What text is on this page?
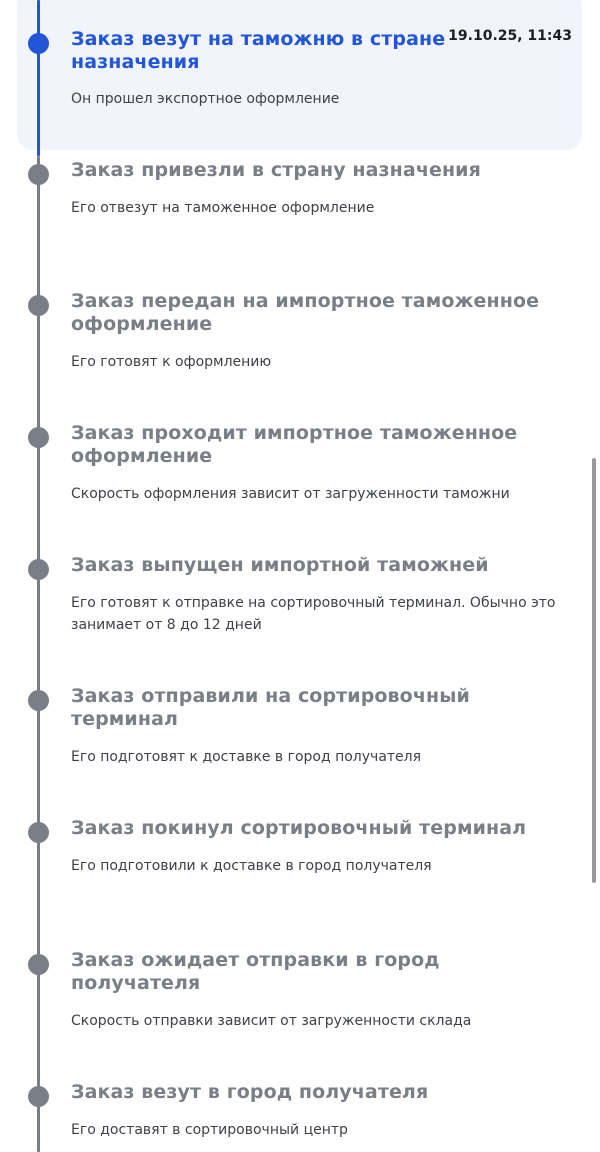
Заказ везут на таможню в стране назначения
19.10.25, 11:43

Он прошел экспортное оформление

Заказ привезли в страну назначения

Его отвезут на таможенное оформление

Заказ передан на импортное таможенное оформление

Его готовят к оформлению

Заказ проходит импортное таможенное оформление

Скорость оформления зависит от загруженности таможни

Заказ выпущен импортной таможней

Его готовят к отправке на сортировочный терминал. Обычно это занимает от 8 до 12 дней

Заказ отправили на сортировочный терминал

Его подготовят к доставке в город получателя

Заказ покинул сортировочный терминал

Его подготовили к доставке в город получателя

Заказ ожидает отправки в город получателя

Скорость отправки зависит от загруженности склада

Заказ везут в город получателя

Его доставят в сортировочный центр
